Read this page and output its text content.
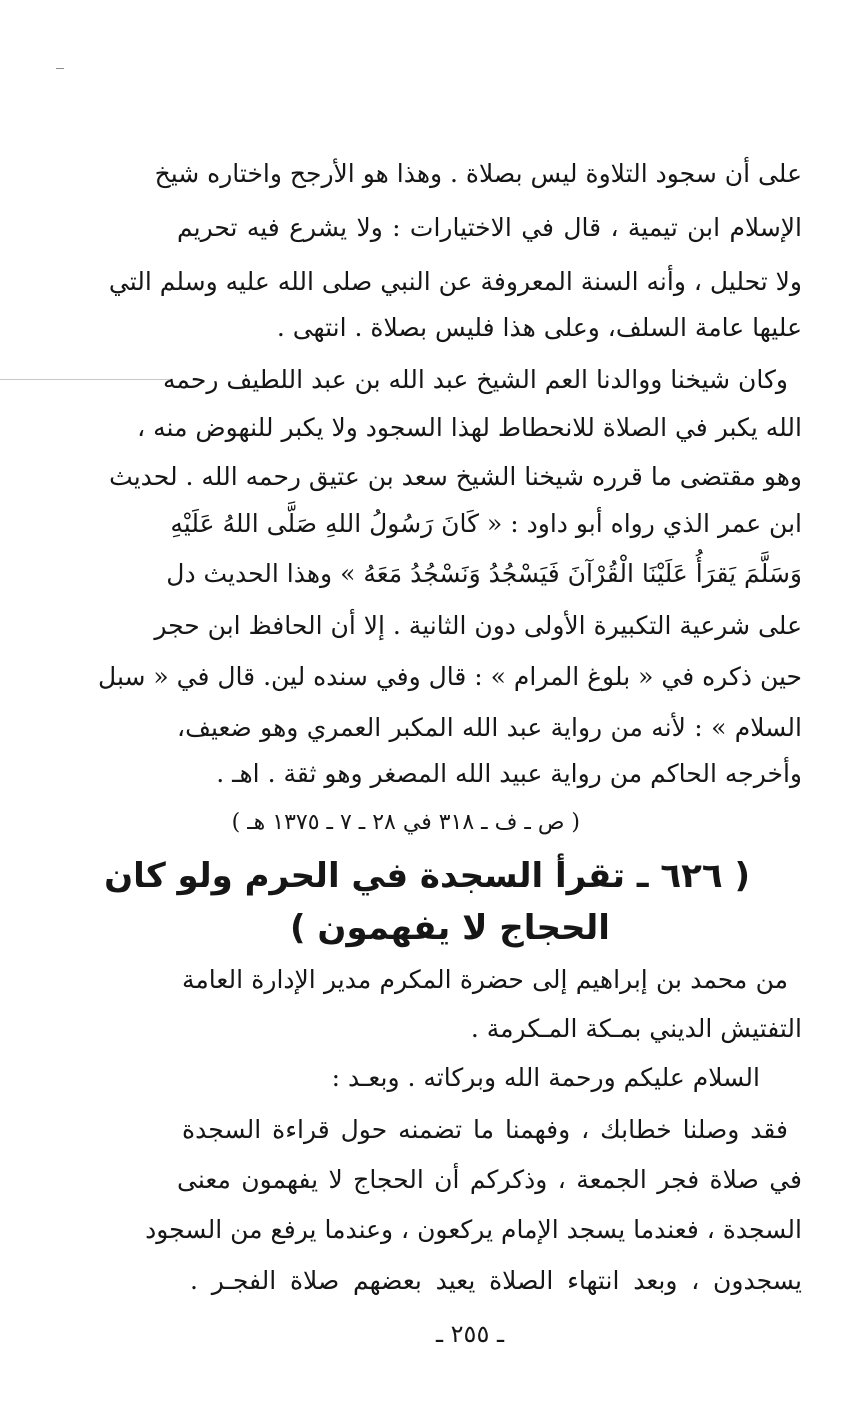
على أن سجود التلاوة ليس بصلاة . وهذا هو الأرجح واختاره شيخ
الإسلام ابن تيمية ، قال في الاختيارات : ولا يشرع فيه تحريم
ولا تحليل ، وأنه السنة المعروفة عن النبي صلى الله عليه وسلم التي
عليها عامة السلف، وعلى هذا فليس بصلاة . انتهى .
وكان شيخنا ووالدنا العم الشيخ عبد الله بن عبد اللطيف رحمه
الله يكبر في الصلاة للانحطاط لهذا السجود ولا يكبر للنهوض منه ،
وهو مقتضى ما قرره شيخنا الشيخ سعد بن عتيق رحمه الله . لحديث
ابن عمر الذي رواه أبو داود : « كَانَ رَسُولُ اللهِ صَلَّى اللهُ عَلَيْهِ
وَسَلَّمَ يَقرَأُ عَلَيْنَا الْقُرْآنَ فَيَسْجُدُ وَنَسْجُدُ مَعَهُ » وهذا الحديث دل
على شرعية التكبيرة الأولى دون الثانية . إلا أن الحافظ ابن حجر
حين ذكره في « بلوغ المرام » : قال وفي سنده لين. قال في « سبل
السلام » : لأنه من رواية عبد الله المكبر العمري وهو ضعيف،
وأخرجه الحاكم من رواية عبيد الله المصغر وهو ثقة . اهـ .
( ص ـ ف ـ ٣١٨ في ٢٨ ـ ٧ ـ ١٣٧٥ هـ )
( ٦٢٦ ـ تقرأ السجدة في الحرم ولو كان
الحجاج لا يفهمون )
من محمد بن إبراهيم إلى حضرة المكرم مدير الإدارة العامة
التفتيش الديني بمـكة المـكرمة .
السلام عليكم ورحمة الله وبركاته . وبعـد :
فقد وصلنا خطابك ، وفهمنا ما تضمنه حول قراءة السجدة
في صلاة فجر الجمعة ، وذكركم أن الحجاج لا يفهمون معنى
السجدة ، فعندما يسجد الإمام يركعون ، وعندما يرفع من السجود
يسجدون ، وبعد انتهاء الصلاة يعيد بعضهم صلاة الفجـر .
ـ ٢٥٥ ـ
